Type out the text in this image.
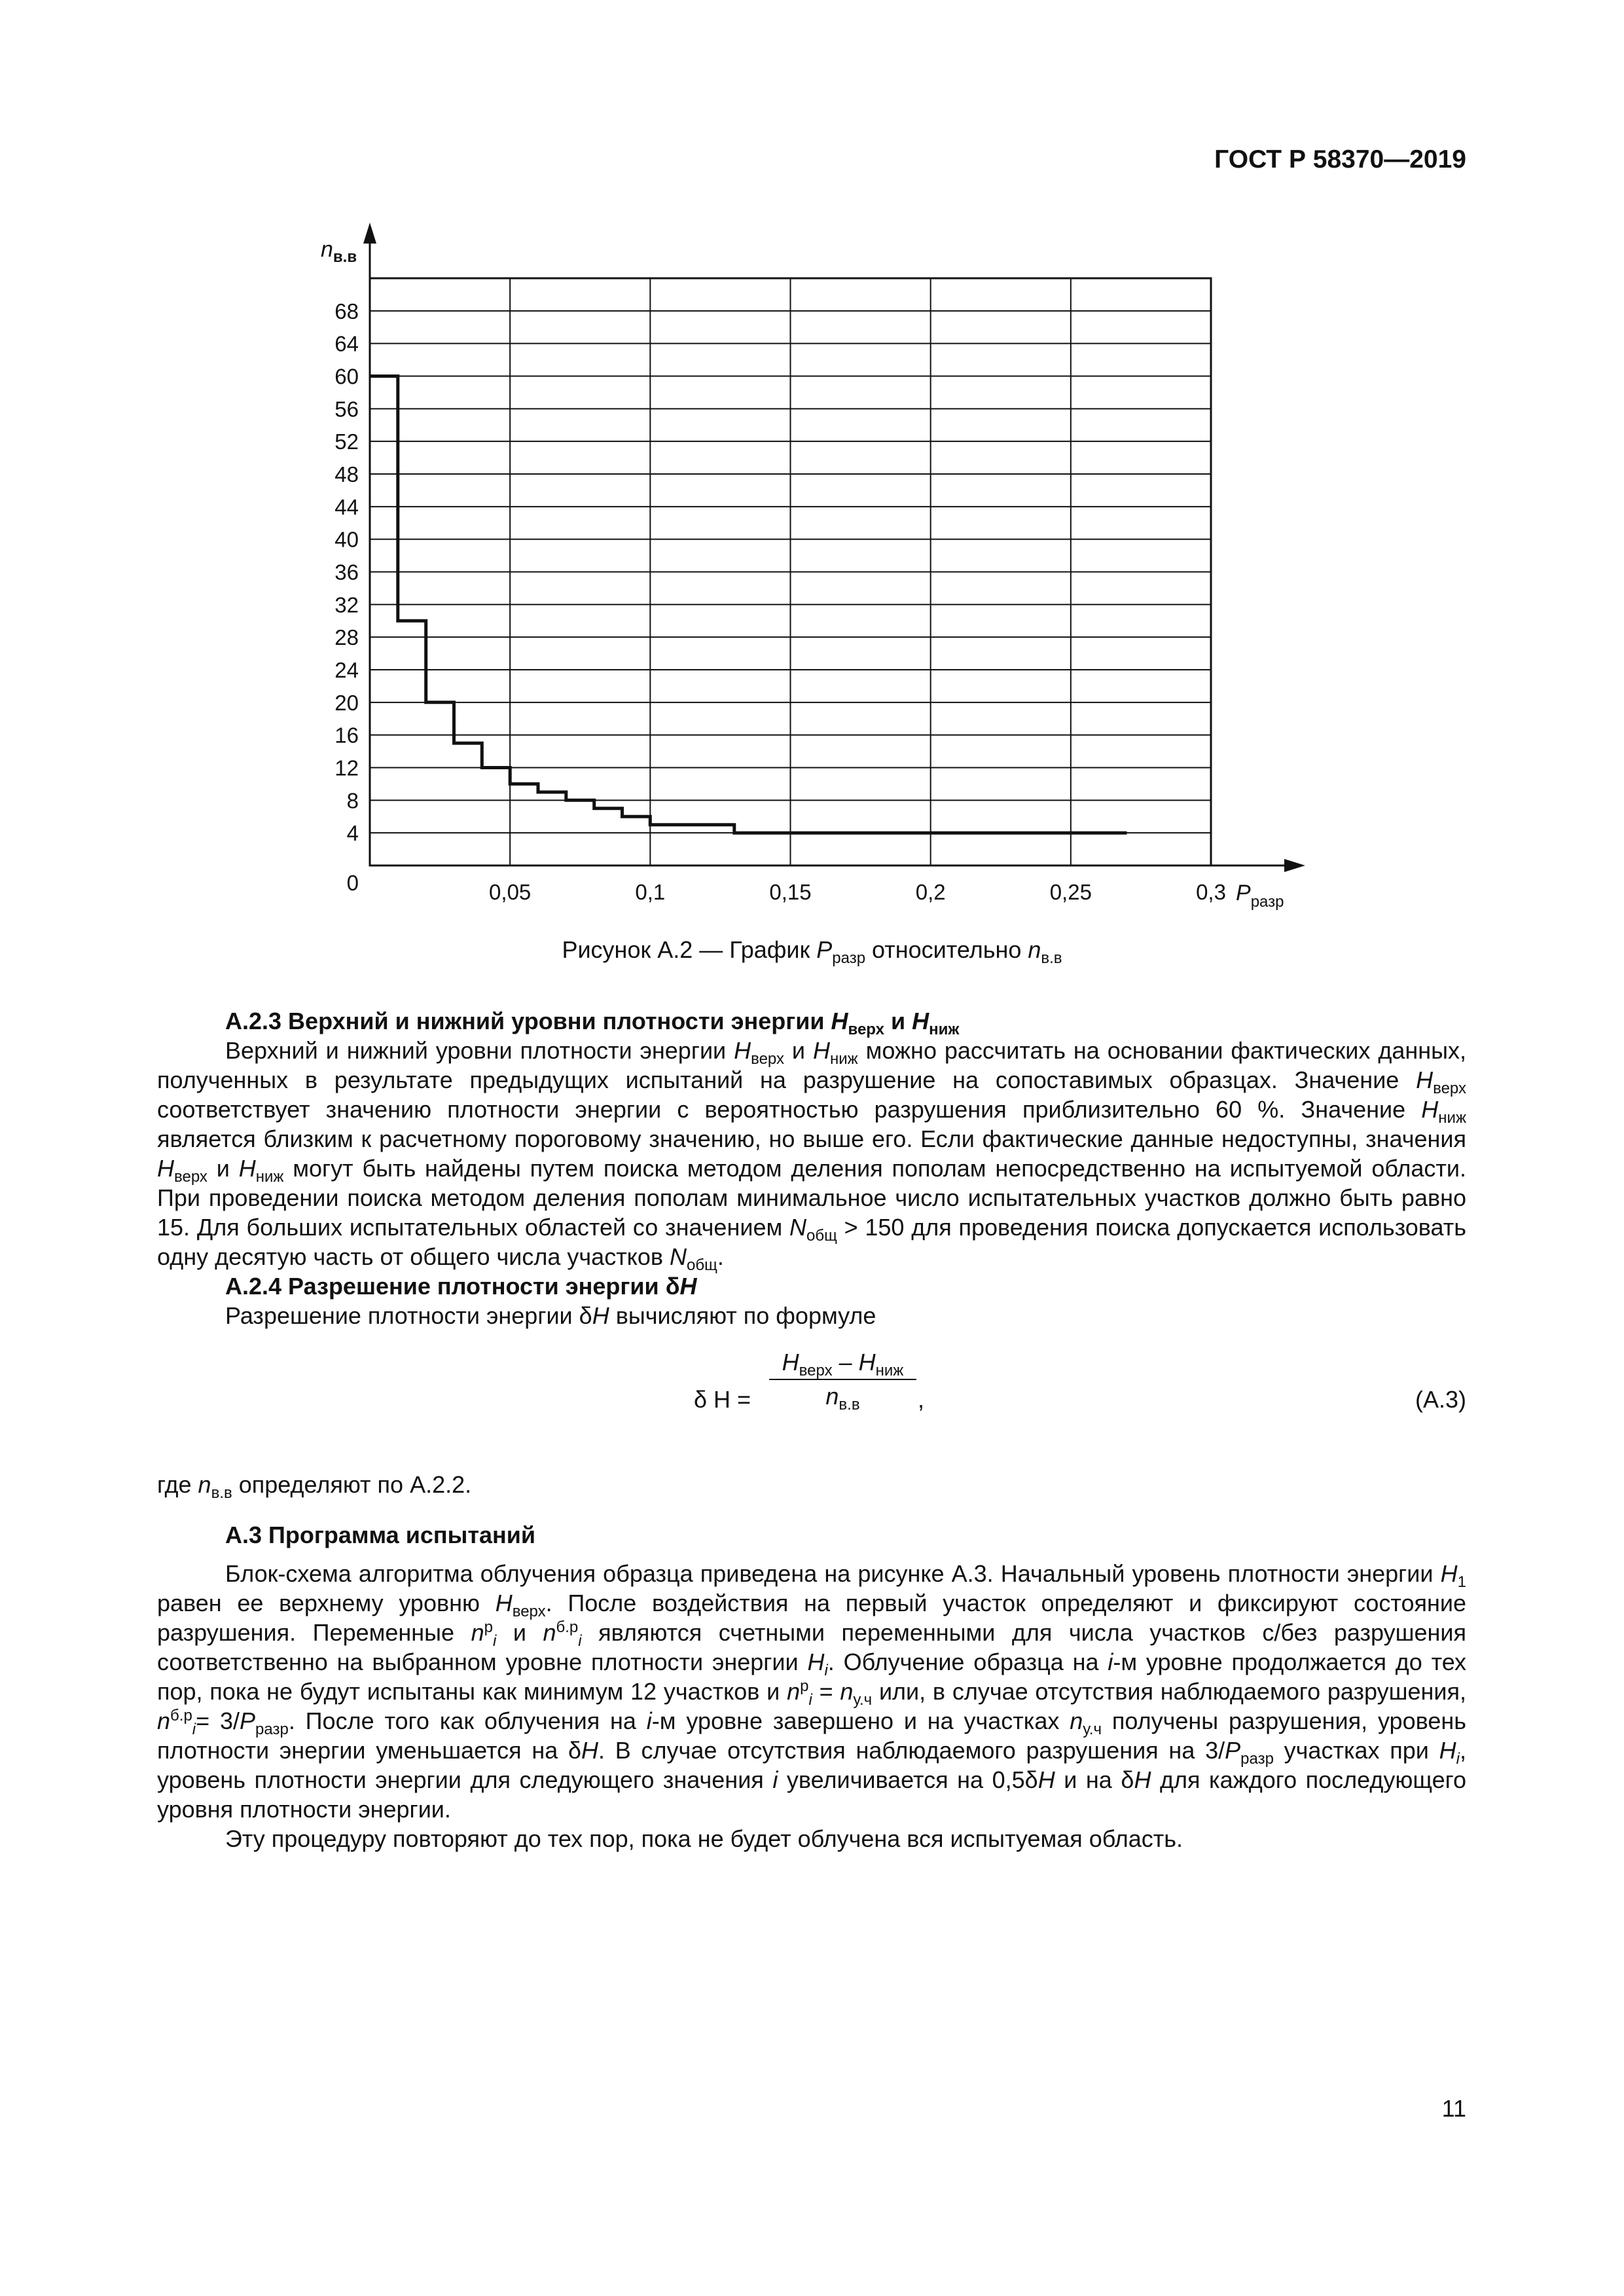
ГОСТ Р 58370—2019
0
4
8
12
16
20
24
28
32
36
40
44
48
52
56
60
64
68
0,05	0,1	0,15	0,2	0,25	0,3
$n_{в.в}$
$P_{разр}$
Рисунок А.2 — График $P_{разр}$ относительно $n_{в.в}$

А.2.3 Верхний и нижний уровни плотности энергии $H_{верх}$ и $H_{ниж}$

Верхний и нижний уровни плотности энергии $H_{верх}$ и $H_{ниж}$ можно рассчитать на основании фактических данных, полученных в результате предыдущих испытаний на разрушение на сопоставимых образцах. Значение $H_{верх}$ соответствует значению плотности энергии с вероятностью разрушения приблизительно 60 %. Значение $H_{ниж}$ является близким к расчетному пороговому значению, но выше его. Если фактические данные недоступны, значения $H_{верх}$ и $H_{ниж}$ могут быть найдены путем поиска методом деления пополам непосредственно на испытуемой области. При проведении поиска методом деления пополам минимальное число испытательных участков должно быть равно 15. Для больших испытательных областей со значением $N_{общ} > 150$ для проведения поиска допускается использовать одну десятую часть от общего числа участков $N_{общ}$.

А.2.4 Разрешение плотности энергии δH

Разрешение плотности энергии δH вычисляют по формуле

δ H =
$H_{верх} - H_{ниж}$
$n_{в.в}$	,	(А.3)

где $n_{в.в}$ определяют по А.2.2.

А.3 Программа испытаний

Блок-схема алгоритма облучения образца приведена на рисунке А.3. Начальный уровень плотности энергии $H_1$ равен ее верхнему уровню $H_{верх}$. После воздействия на первый участок определяют и фиксируют состояние разрушения. Переменные $n^р_i$ и $n^{б.р}_i$ являются счетными переменными для числа участков с/без разрушения соответственно на выбранном уровне плотности энергии $H_i$. Облучение образца на i-м уровне продолжается до тех пор, пока не будут испытаны как минимум 12 участков и $n^р_i = n_{у.ч}$ или, в случае отсутствия наблюдаемого разрушения, $n^{б.р}_i= 3/P_{разр}$. После того как облучения на i-м уровне завершено и на участках $n_{у.ч}$ получены разрушения, уровень плотности энергии уменьшается на δH. В случае отсутствия наблюдаемого разрушения на $3/P_{разр}$ участках при $H_i$, уровень плотности энергии для следующего значения i увеличивается на 0,5δH и на δH для каждого последующего уровня плотности энергии.

Эту процедуру повторяют до тех пор, пока не будет облучена вся испытуемая область.

11
